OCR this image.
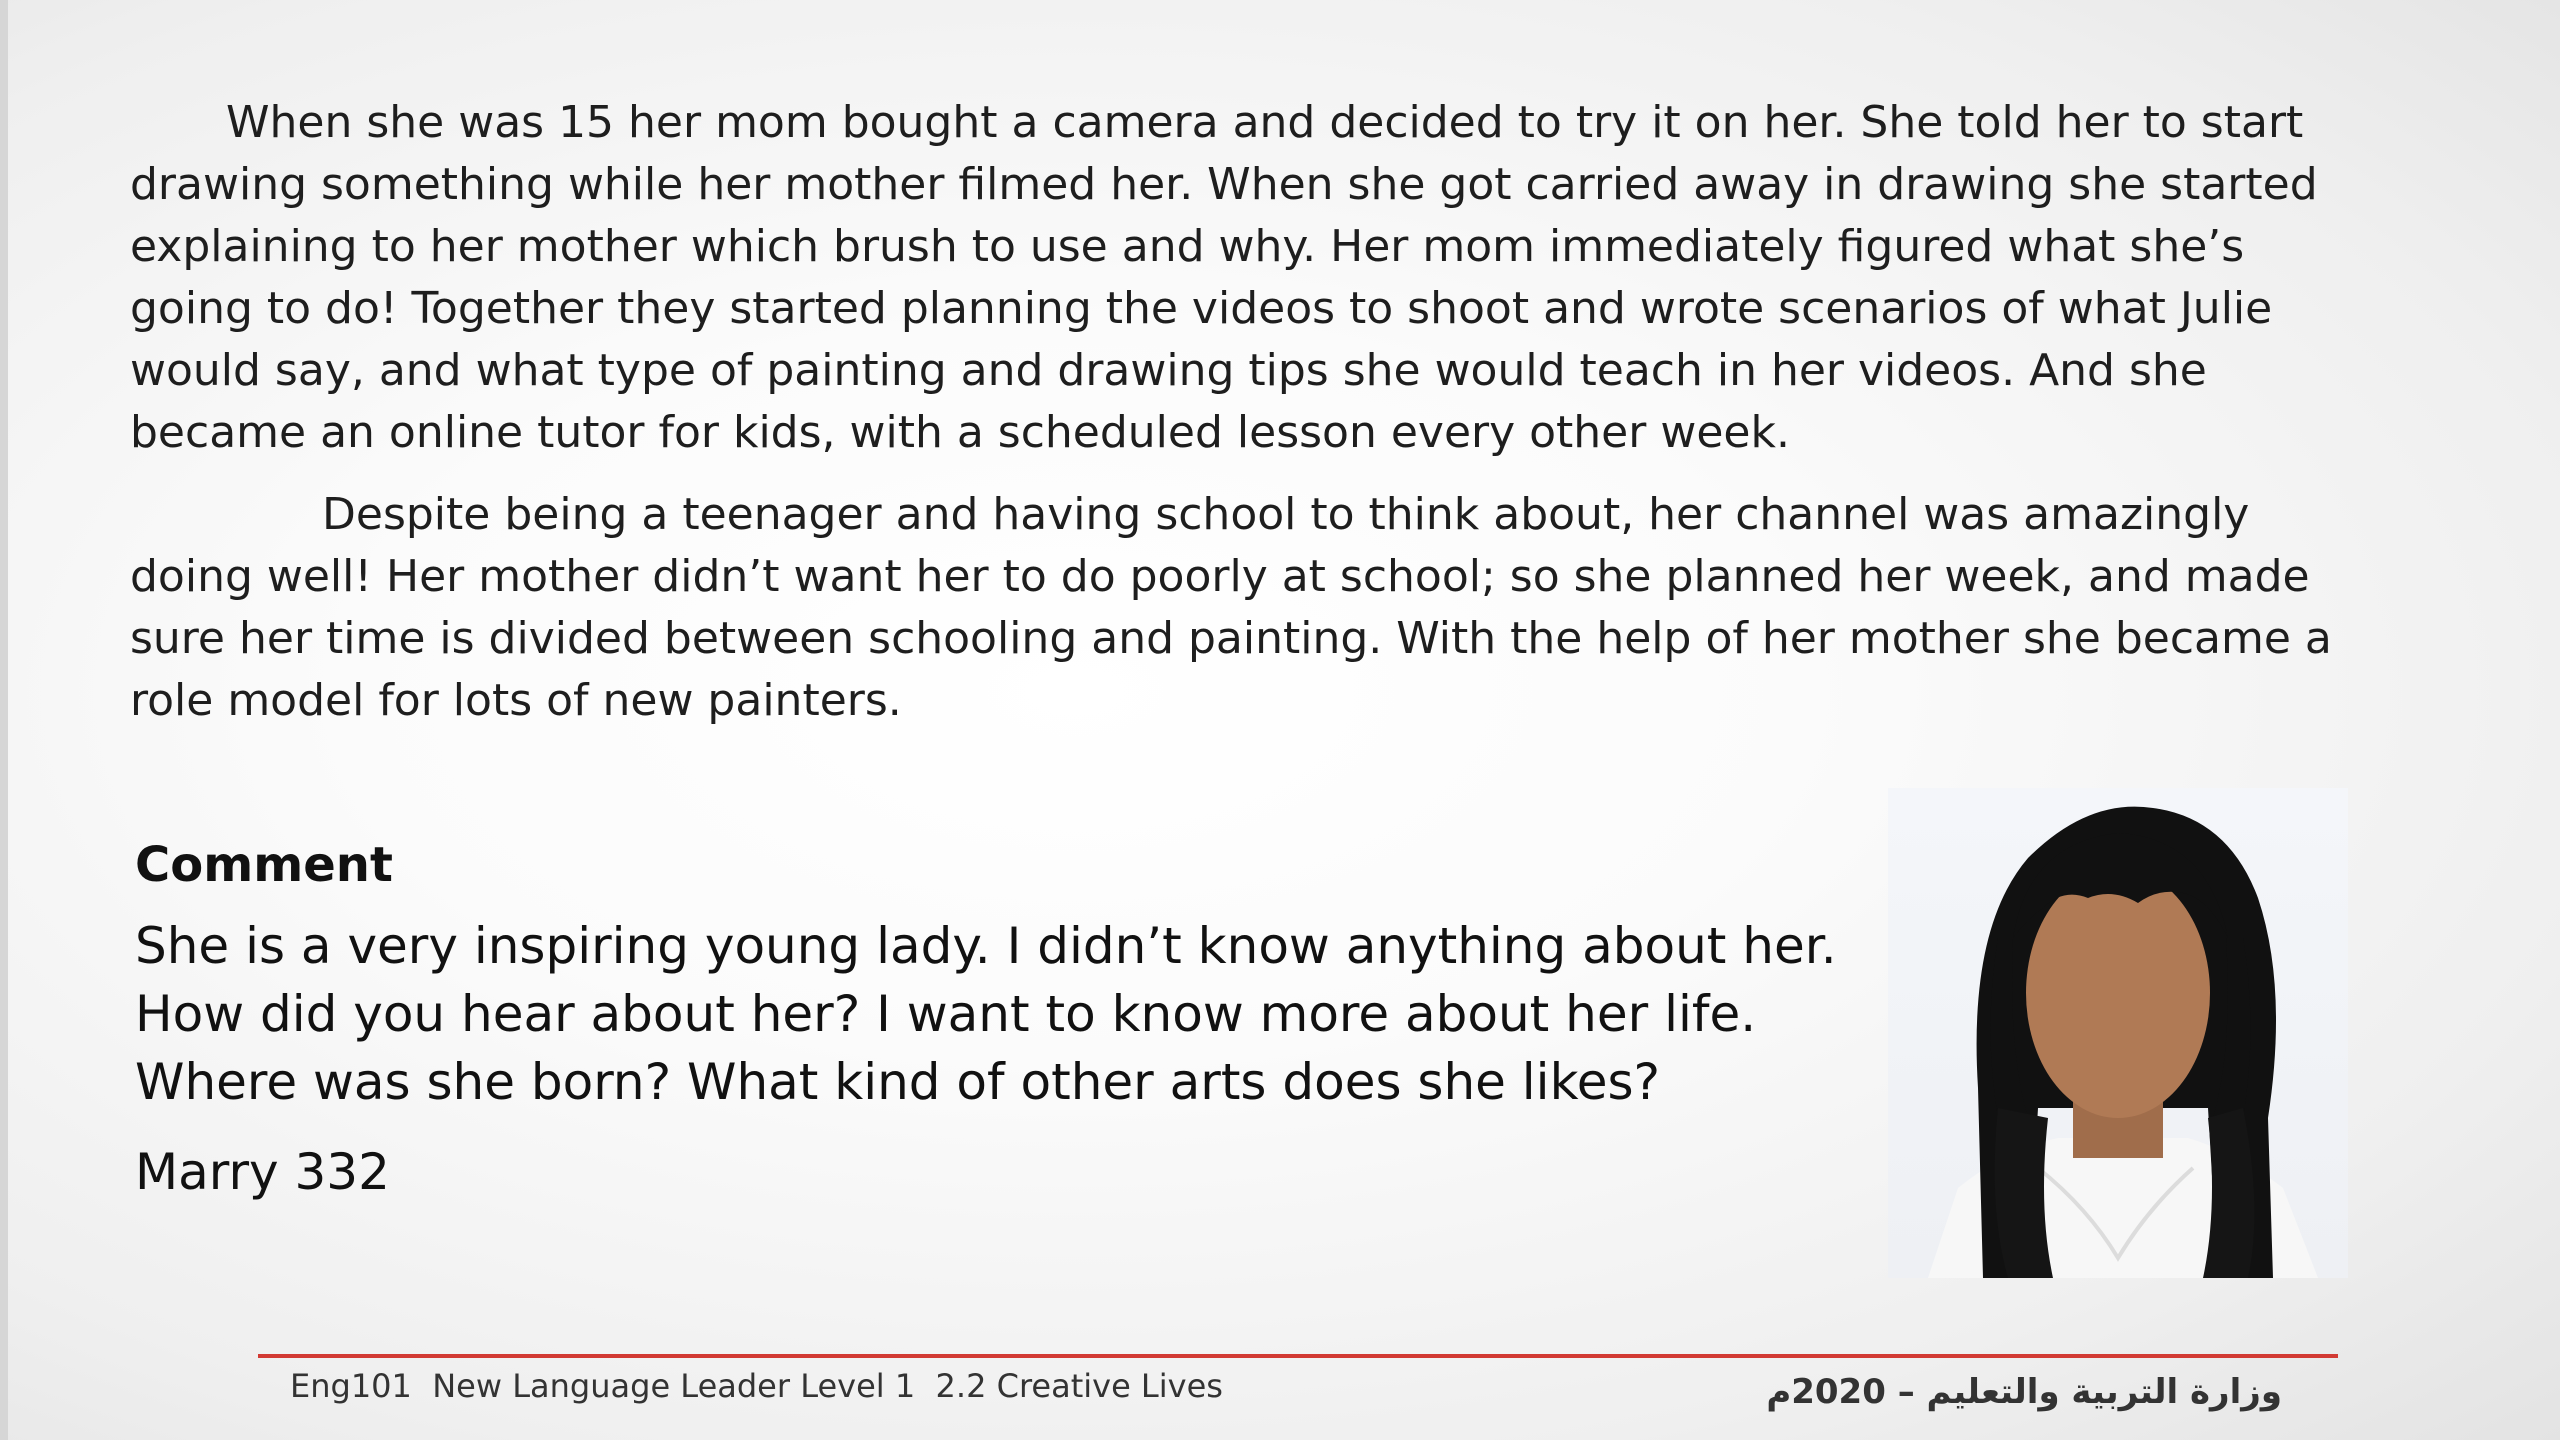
When she was 15 her mom bought a camera and decided to try it on her. She told her to start drawing something while her mother filmed her. When she got carried away in drawing she started explaining to her mother which brush to use and why. Her mom immediately figured what she’s going to do! Together they started planning the videos to shoot and wrote scenarios of what Julie would say, and what type of painting and drawing tips she would teach in her videos. And she became an online tutor for kids, with a scheduled lesson every other week.

Despite being a teenager and having school to think about, her channel was amazingly doing well! Her mother didn’t want her to do poorly at school; so she planned her week, and made sure her time is divided between schooling and painting. With the help of her mother she became a role model for lots of new painters.

Comment
She is a very inspiring young lady. I didn’t know anything about her.
How did you hear about her? I want to know more about her life.
Where was she born? What kind of other arts does she likes?
Marry 332
Eng101  New Language Leader Level 1  2.2 Creative Lives	وزارة التربية والتعليم – 2020م
